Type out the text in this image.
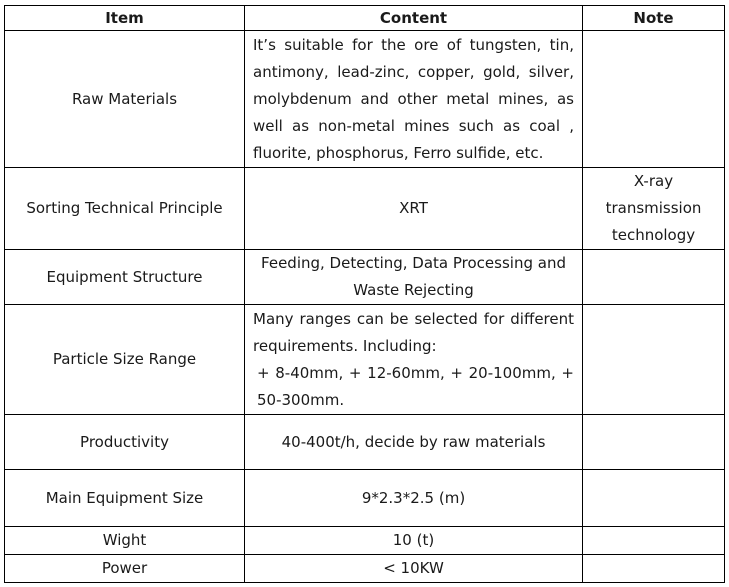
Item	Content	Note
Raw Materials	It’s suitable for the ore of tungsten, tin, antimony, lead-zinc, copper, gold, silver, molybdenum and other metal mines, as well as non-metal mines such as coal , fluorite, phosphorus, Ferro sulfide, etc.	
Sorting Technical Principle	XRT	X-ray transmission technology
Equipment Structure	Feeding, Detecting, Data Processing and Waste Rejecting	
Particle Size Range	Many ranges can be selected for different requirements. Including:
+ 8-40mm, + 12-60mm, + 20-100mm, + 50-300mm.	

Productivity	40-400t/h, decide by raw materials	
Main Equipment Size	9*2.3*2.5 (m)	
Wight	10 (t)	
Power	< 10KW	
